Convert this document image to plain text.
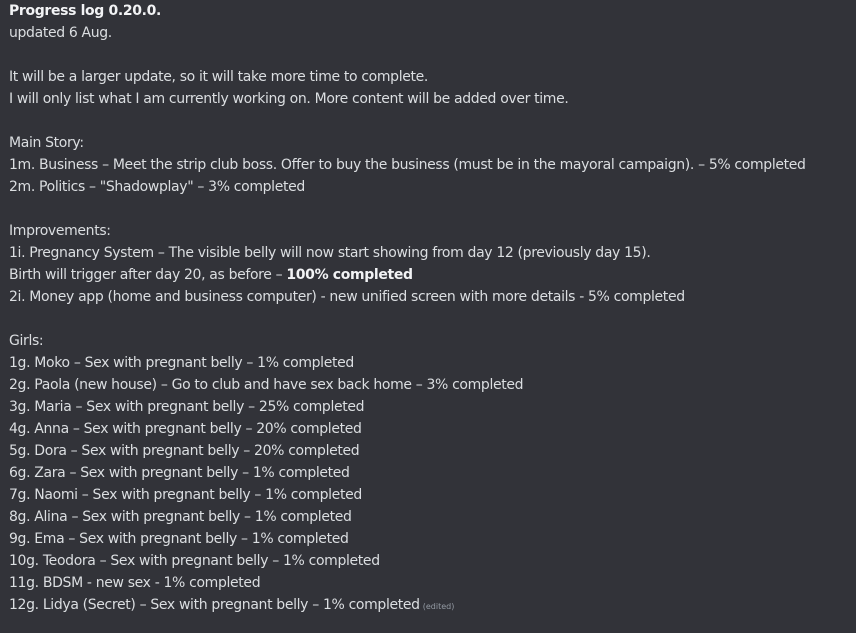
Progress log 0.20.0.
updated 6 Aug.
It will be a larger update, so it will take more time to complete.
I will only list what I am currently working on. More content will be added over time.
Main Story:
1m. Business – Meet the strip club boss. Offer to buy the business (must be in the mayoral campaign). – 5% completed
2m. Politics – "Shadowplay" – 3% completed
Improvements:
1i. Pregnancy System – The visible belly will now start showing from day 12 (previously day 15).
Birth will trigger after day 20, as before – 100% completed
2i. Money app (home and business computer) - new unified screen with more details - 5% completed
Girls:
1g. Moko – Sex with pregnant belly – 1% completed
2g. Paola (new house) – Go to club and have sex back home – 3% completed
3g. Maria – Sex with pregnant belly – 25% completed
4g. Anna – Sex with pregnant belly – 20% completed
5g. Dora – Sex with pregnant belly – 20% completed
6g. Zara – Sex with pregnant belly – 1% completed
7g. Naomi – Sex with pregnant belly – 1% completed
8g. Alina – Sex with pregnant belly – 1% completed
9g. Ema – Sex with pregnant belly – 1% completed
10g. Teodora – Sex with pregnant belly – 1% completed
11g. BDSM - new sex - 1% completed
12g. Lidya (Secret) – Sex with pregnant belly – 1% completed (edited)
